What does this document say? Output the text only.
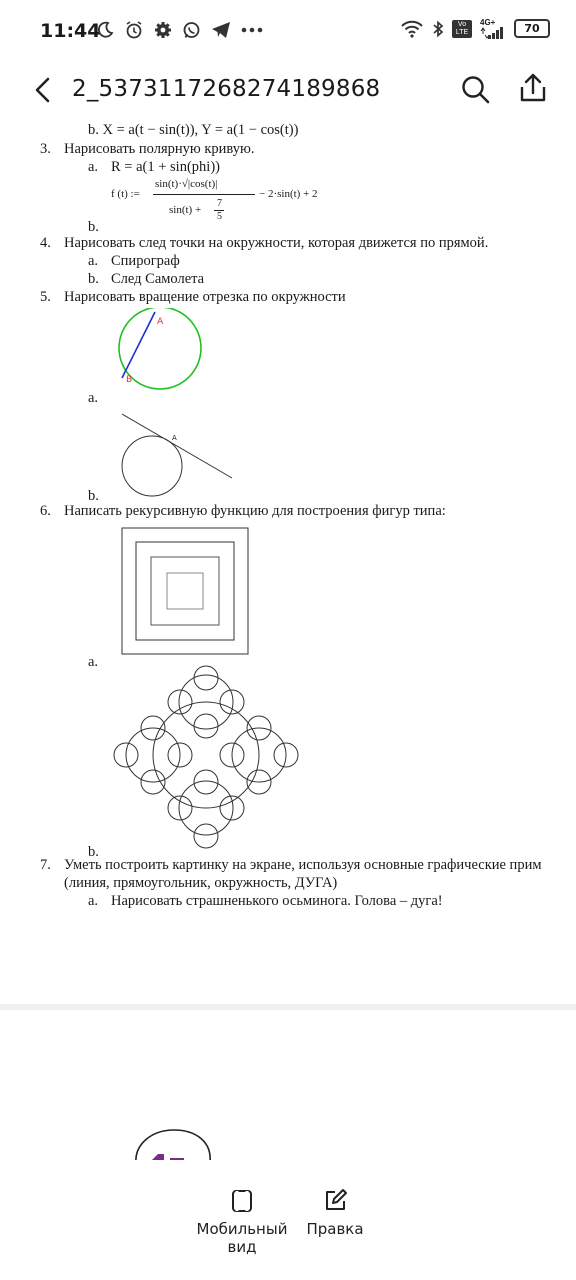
11:44	Vo LTE
4G+	70
2_5373117268274189868
b. X = a(t − sin(t)), Y = a(1 − cos(t))
3. Нарисовать полярную кривую.
a. R = a(1 + sin(phi))
f (t) :=
sin(t)·√|cos(t)|
sin(t) +
7
5
− 2·sin(t) + 2
b.
4. Нарисовать след точки на окружности, которая движется по прямой.
a. Спирограф
b. След Самолета
5. Нарисовать вращение отрезка по окружности
A
B
a.
A
b.
6. Написать рекурсивную функцию для построения фигур типа:
a.
b.
7. Уметь построить картинку на экране, используя основные графические прим
(линия, прямоугольник, окружность, ДУГА)
a. Нарисовать страшненького осьминога. Голова – дуга!
Мобильный
вид
Правка
